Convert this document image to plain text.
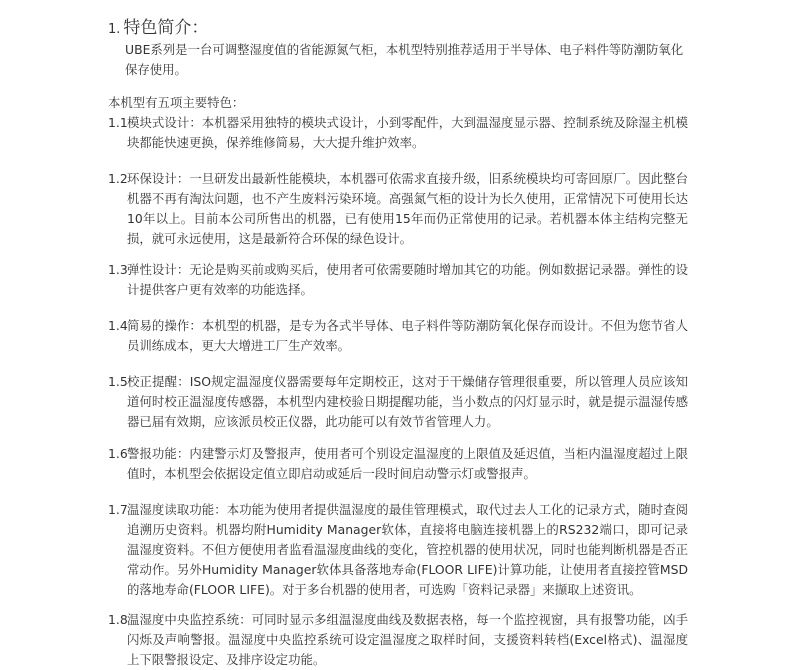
1. 特色简介：
UBE系列是一台可调整湿度值的省能源氮气柜，本机型特别推荐适用于半导体、电子料件等防潮防氧化保存使用。
本机型有五项主要特色：
1.1 模块式设计：本机器采用独特的模块式设计，小到零配件，大到温湿度显示器、控制系统及除湿主机模块都能快速更换，保养维修简易，大大提升维护效率。
1.2 环保设计：一旦研发出最新性能模块，本机器可依需求直接升级，旧系统模块均可寄回原厂。因此整台机器不再有淘汰问题，也不产生废料污染环境。高强氮气柜的设计为长久使用，正常情况下可使用长达10年以上。目前本公司所售出的机器，已有使用15年而仍正常使用的记录。若机器本体主结构完整无损，就可永远使用，这是最新符合环保的绿色设计。
1.3 弹性设计：无论是购买前或购买后，使用者可依需要随时增加其它的功能。例如数据记录器。弹性的设计提供客户更有效率的功能选择。
1.4 简易的操作：本机型的机器，是专为各式半导体、电子料件等防潮防氧化保存而设计。不但为您节省人员训练成本，更大大增进工厂生产效率。
1.5 校正提醒：ISO规定温湿度仪器需要每年定期校正，这对于干燥储存管理很重要，所以管理人员应该知道何时校正温湿度传感器，本机型内建校验日期提醒功能，当小数点的闪灯显示时，就是提示温湿传感器已届有效期，应该派员校正仪器，此功能可以有效节省管理人力。
1.6 警报功能：内建警示灯及警报声，使用者可个别设定温湿度的上限值及延迟值，当柜内温湿度超过上限值时，本机型会依据设定值立即启动或延后一段时间启动警示灯或警报声。
1.7 温湿度读取功能：本功能为使用者提供温湿度的最佳管理模式，取代过去人工化的记录方式，随时查阅追溯历史资料。机器均附Humidity Manager软体，直接将电脑连接机器上的RS232端口，即可记录温湿度资料。不但方便使用者监看温湿度曲线的变化，管控机器的使用状况，同时也能判断机器是否正常动作。另外Humidity Manager软体具备落地寿命(FLOOR LIFE)计算功能，让使用者直接控管MSD的落地寿命(FLOOR LIFE)。对于多台机器的使用者，可选购「资料记录器」来撷取上述资讯。
1.8 温湿度中央监控系统：可同时显示多组温湿度曲线及数据表格，每一个监控视窗，具有报警功能，凶手闪烁及声响警报。温湿度中央监控系统可设定温湿度之取样时间，支援资料转档(Excel格式)、温湿度上下限警报设定、及排序设定功能。
